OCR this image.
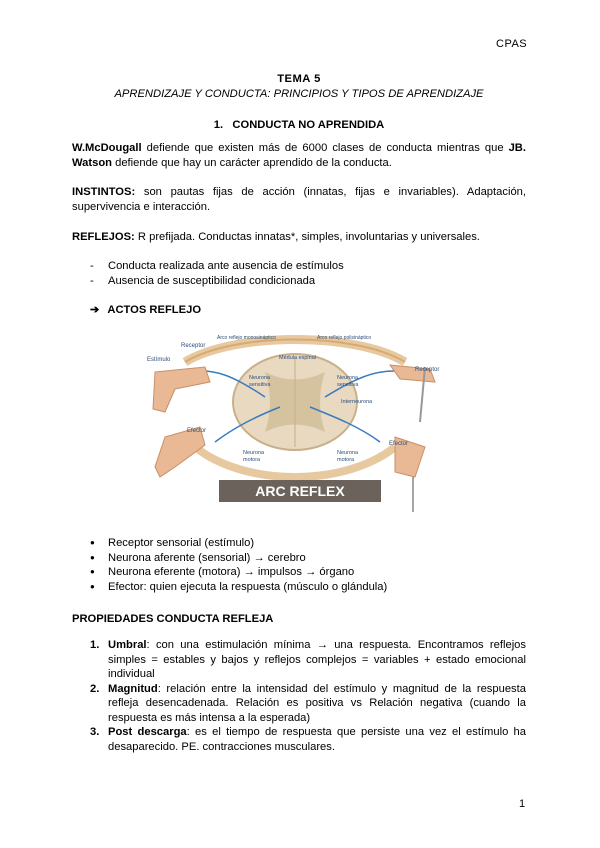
CPAS
TEMA 5
APRENDIZAJE Y CONDUCTA: PRINCIPIOS Y TIPOS DE APRENDIZAJE
1. CONDUCTA NO APRENDIDA
W.McDougall defiende que existen más de 6000 clases de conducta mientras que JB. Watson defiende que hay un carácter aprendido de la conducta.
INSTINTOS: son pautas fijas de acción (innatas, fijas e invariables). Adaptación, supervivencia e interacción.
REFLEJOS: R prefijada. Conductas innatas*, simples, involuntarias y universales.
- Conducta realizada ante ausencia de estímulos
- Ausencia de susceptibilidad condicionada
➔ ACTOS REFLEJO
Receptor
Estímulo
Arco reflejo monosináptico	Arco reflejo polisináptico
Médula espinal
Neurona
sensitiva
Neurona
sensitiva
Interneurona
Receptor
Efector
Efector
Neurona
motora
Neurona
motora
ARC REFLEX
● Receptor sensorial (estímulo)
● Neurona aferente (sensorial) → cerebro
● Neurona eferente (motora) → impulsos → órgano
● Efector: quien ejecuta la respuesta (músculo o glándula)
PROPIEDADES CONDUCTA REFLEJA
1. Umbral: con una estimulación mínima → una respuesta. Encontramos reflejos simples = estables y bajos y reflejos complejos = variables + estado emocional individual
2. Magnitud: relación entre la intensidad del estímulo y magnitud de la respuesta refleja desencadenada. Relación es positiva vs Relación negativa (cuando la respuesta es más intensa a la esperada)
3. Post descarga: es el tiempo de respuesta que persiste una vez el estímulo ha desaparecido. PE. contracciones musculares.
1
